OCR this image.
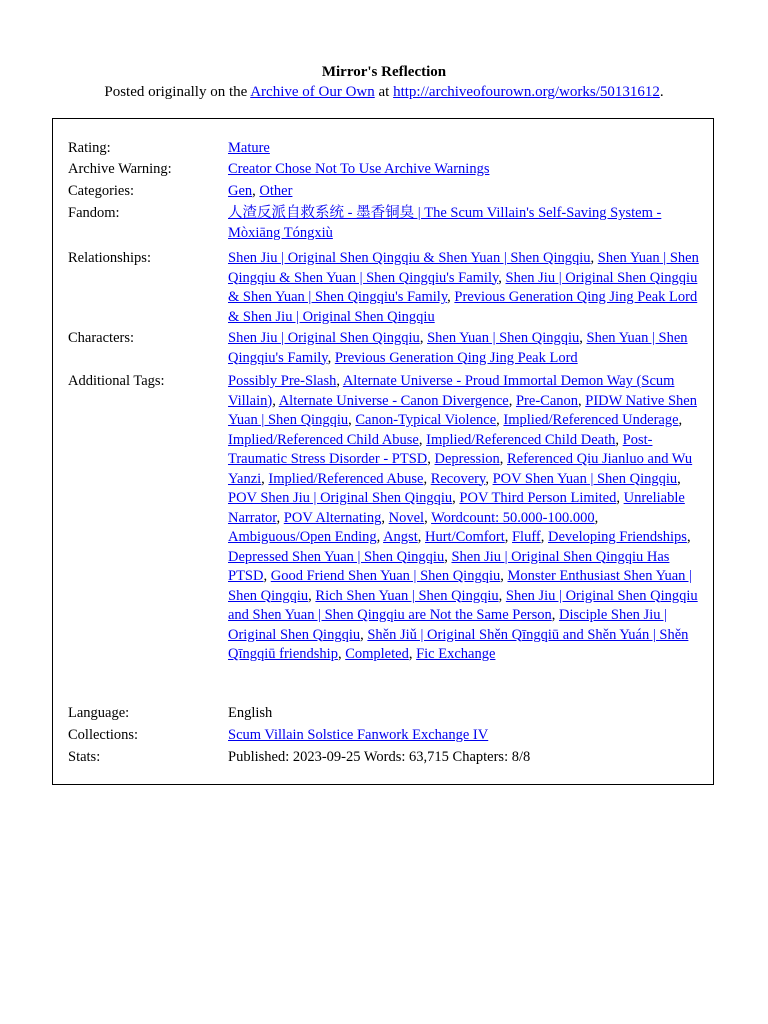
Mirror's Reflection
Posted originally on the Archive of Our Own at http://archiveofourown.org/works/50131612.
Rating:	Mature
Archive Warning:	Creator Chose Not To Use Archive Warnings
Categories:	Gen, Other
Fandom:	人渣反派自救系统 - 墨香铜臭 | The Scum Villain's Self-Saving System - Mòxiāng Tóngxiù
Relationships:	Shen Jiu | Original Shen Qingqiu & Shen Yuan | Shen Qingqiu, Shen Yuan | Shen Qingqiu & Shen Yuan | Shen Qingqiu's Family, Shen Jiu | Original Shen Qingqiu & Shen Yuan | Shen Qingqiu's Family, Previous Generation Qing Jing Peak Lord & Shen Jiu | Original Shen Qingqiu
Characters:	Shen Jiu | Original Shen Qingqiu, Shen Yuan | Shen Qingqiu, Shen Yuan | Shen Qingqiu's Family, Previous Generation Qing Jing Peak Lord
Additional Tags:	Possibly Pre-Slash, Alternate Universe - Proud Immortal Demon Way (Scum Villain), Alternate Universe - Canon Divergence, Pre-Canon, PIDW Native Shen Yuan | Shen Qingqiu, Canon-Typical Violence, Implied/Referenced Underage, Implied/Referenced Child Abuse, Implied/Referenced Child Death, Post-Traumatic Stress Disorder - PTSD, Depression, Referenced Qiu Jianluo and Wu Yanzi, Implied/Referenced Abuse, Recovery, POV Shen Yuan | Shen Qingqiu, POV Shen Jiu | Original Shen Qingqiu, POV Third Person Limited, Unreliable Narrator, POV Alternating, Novel, Wordcount: 50.000-100.000, Ambiguous/Open Ending, Angst, Hurt/Comfort, Fluff, Developing Friendships, Depressed Shen Yuan | Shen Qingqiu, Shen Jiu | Original Shen Qingqiu Has PTSD, Good Friend Shen Yuan | Shen Qingqiu, Monster Enthusiast Shen Yuan | Shen Qingqiu, Rich Shen Yuan | Shen Qingqiu, Shen Jiu | Original Shen Qingqiu and Shen Yuan | Shen Qingqiu are Not the Same Person, Disciple Shen Jiu | Original Shen Qingqiu, Shěn Jiǔ | Original Shěn Qīngqiū and Shěn Yuán | Shěn Qīngqiū friendship, Completed, Fic Exchange
Language:	English
Collections:	Scum Villain Solstice Fanwork Exchange IV
Stats:	Published: 2023-09-25 Words: 63,715 Chapters: 8/8
